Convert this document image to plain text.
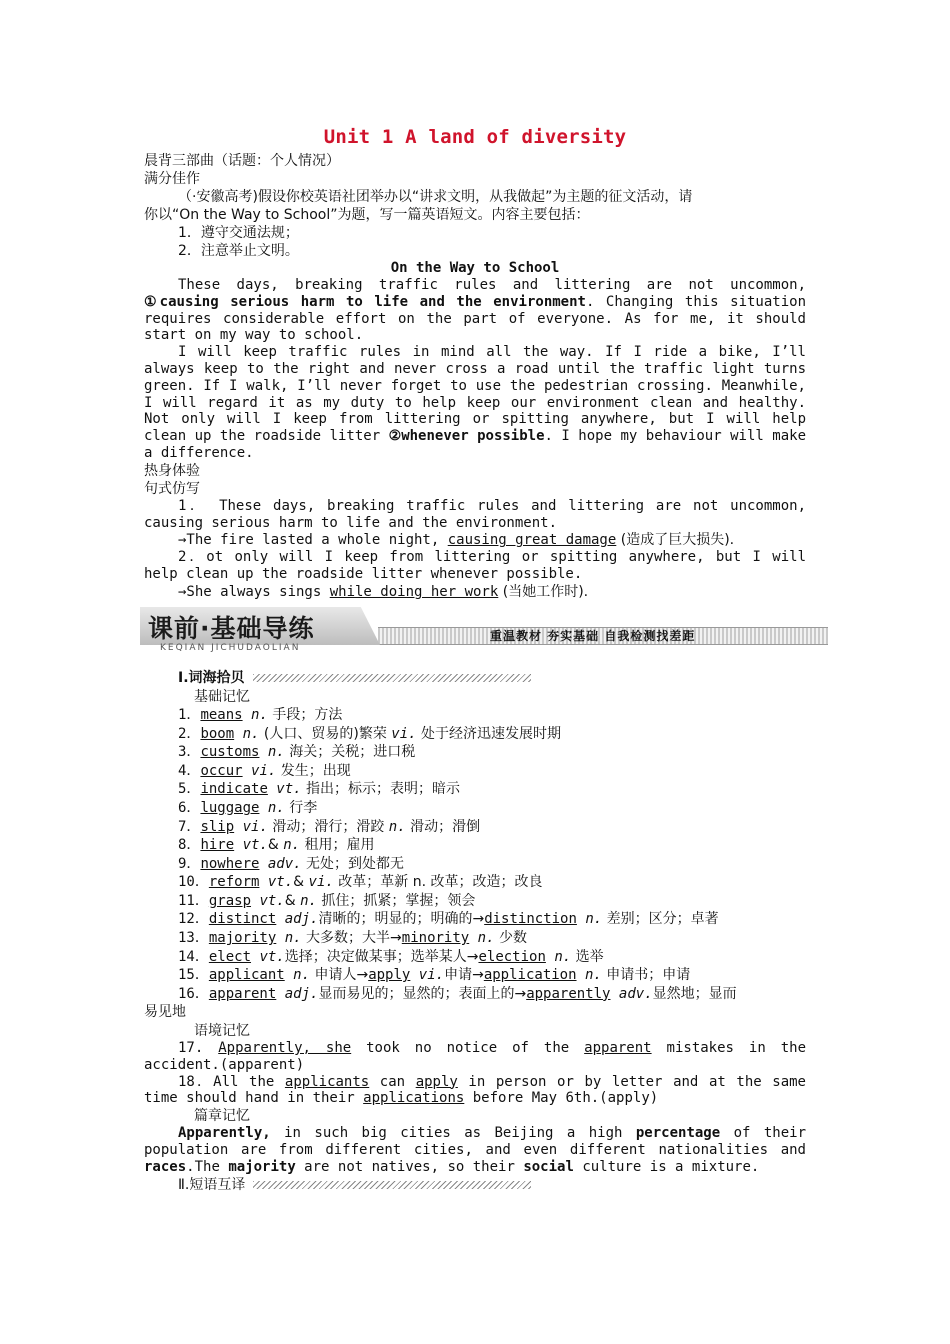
Unit 1 A land of diversity
晨背三部曲（话题：个人情况）
满分佳作
（·安徽高考)假设你校英语社团举办以“讲求文明，从我做起”为主题的征文活动，请
你以“On the Way to School”为题，写一篇英语短文。内容主要包括：
1．遵守交通法规；
2．注意举止文明。
On the Way to School
These days, breaking traffic rules and littering are not uncommon, ①causing serious harm to life and the environment. Changing this situation requires considerable effort on the part of everyone. As for me, it should start on my way to school.
I will keep traffic rules in mind all the way. If I ride a bike, I’ll always keep to the right and never cross a road until the traffic light turns green. If I walk, I’ll never forget to use the pedestrian crossing. Meanwhile, I will regard it as my duty to help keep our environment clean and healthy. Not only will I keep from littering or spitting anywhere, but I will help clean up the roadside litter ②whenever possible. I hope my behaviour will make a difference.
热身体验
句式仿写
1． These days, breaking traffic rules and littering are not uncommon, causing serious harm to life and the environment.
→The fire lasted a whole night, causing great damage (造成了巨大损失).
2．ot only will I keep from littering or spitting anywhere, but I will help clean up the roadside litter whenever possible.
→She always sings while doing her work (当她工作时).
课前·基础导练
KEQIAN JICHUDAOLIAN
重温教材 夯实基础 自我检测找差距
Ⅰ.词海拾贝
基础记忆
1．means n. 手段；方法
2．boom n. (人口、贸易的)繁荣 vi. 处于经济迅速发展时期
3．customs n. 海关；关税；进口税
4．occur vi. 发生；出现
5．indicate vt. 指出；标示；表明；暗示
6．luggage n. 行李
7．slip vi. 滑动；滑行；滑跤 n. 滑动；滑倒
8．hire vt.& n. 租用；雇用
9．nowhere adv. 无处；到处都无
10．reform vt.& vi. 改革；革新 n. 改革；改造；改良
11．grasp vt.& n. 抓住；抓紧；掌握；领会
12．distinct adj.清晰的；明显的；明确的→distinction n. 差别；区分；卓著
13．majority n. 大多数；大半→minority n. 少数
14．elect vt.选择；决定做某事；选举某人→election n. 选举
15．applicant n. 申请人→apply vi.申请→application n. 申请书；申请
16．apparent adj.显而易见的；显然的；表面上的→apparently adv.显然地；显而
易见地
语境记忆
17. Apparently, she took no notice of the apparent mistakes in the accident.(apparent)
18．All the applicants can apply in person or by letter and at the same time should hand in their applications before May 6th.(apply)
篇章记忆
Apparently, in such big cities as Beijing a high percentage of their population are from different cities, and even different nationalities and races.The majority are not natives, so their social culture is a mixture.
Ⅱ.短语互译
